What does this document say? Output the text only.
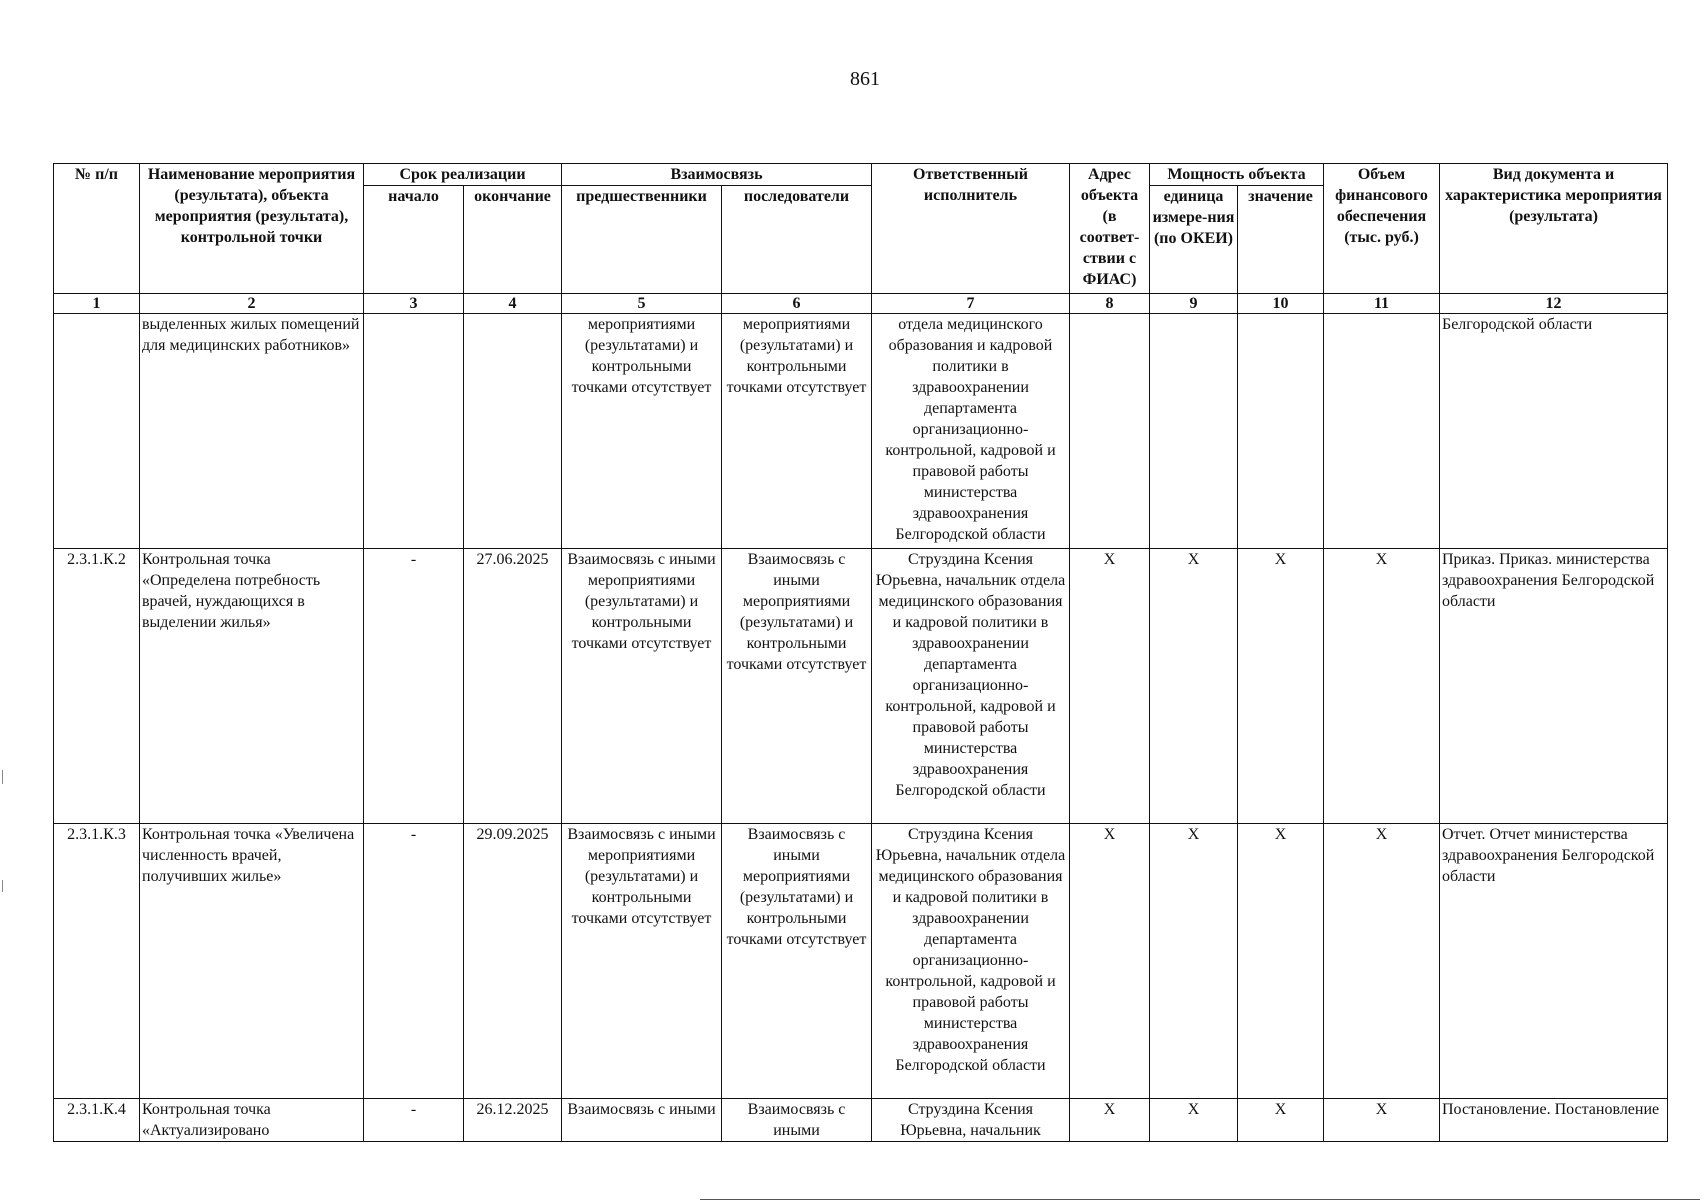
861
№ п/п	Наименование мероприятия (результата), объекта мероприятия (результата), контрольной точки	Срок реализации		Взаимосвязь		Ответственный исполнитель	Адрес объекта (в соответ-ствии с ФИАС)	Мощность объекта		Объем финансового обеспечения (тыс. руб.)	Вид документа и характеристика мероприятия (результата)
		начало	окончание	предшественники	последователи			единица измере-ния (по ОКЕИ)	значение		
1	2	3	4	5	6	7	8	9	10	11	12
	выделенных жилых помещений для медицинских работников»			мероприятиями (результатами) и контрольными точками отсутствует	мероприятиями (результатами) и контрольными точками отсутствует	отдела медицинского образования и кадровой политики в здравоохранении департамента организационно-контрольной, кадровой и правовой работы министерства здравоохранения Белгородской области					Белгородской области
2.3.1.К.2	Контрольная точка «Определена потребность врачей, нуждающихся в выделении жилья»	-	27.06.2025	Взаимосвязь с иными мероприятиями (результатами) и контрольными точками отсутствует	Взаимосвязь с иными мероприятиями (результатами) и контрольными точками отсутствует	Струздина Ксения Юрьевна, начальник отдела медицинского образования и кадровой политики в здравоохранении департамента организационно-контрольной, кадровой и правовой работы министерства здравоохранения Белгородской области	X	X	X	X	Приказ. Приказ. министерства здравоохранения Белгородской области
2.3.1.К.3	Контрольная точка «Увеличена численность врачей, получивших жилье»	-	29.09.2025	Взаимосвязь с иными мероприятиями (результатами) и контрольными точками отсутствует	Взаимосвязь с иными мероприятиями (результатами) и контрольными точками отсутствует	Струздина Ксения Юрьевна, начальник отдела медицинского образования и кадровой политики в здравоохранении департамента организационно-контрольной, кадровой и правовой работы министерства здравоохранения Белгородской области	X	X	X	X	Отчет. Отчет министерства здравоохранения Белгородской области
2.3.1.К.4	Контрольная точка «Актуализировано	-	26.12.2025	Взаимосвязь с иными	Взаимосвязь с иными	Струздина Ксения Юрьевна, начальник	X	X	X	X	Постановление. Постановление
